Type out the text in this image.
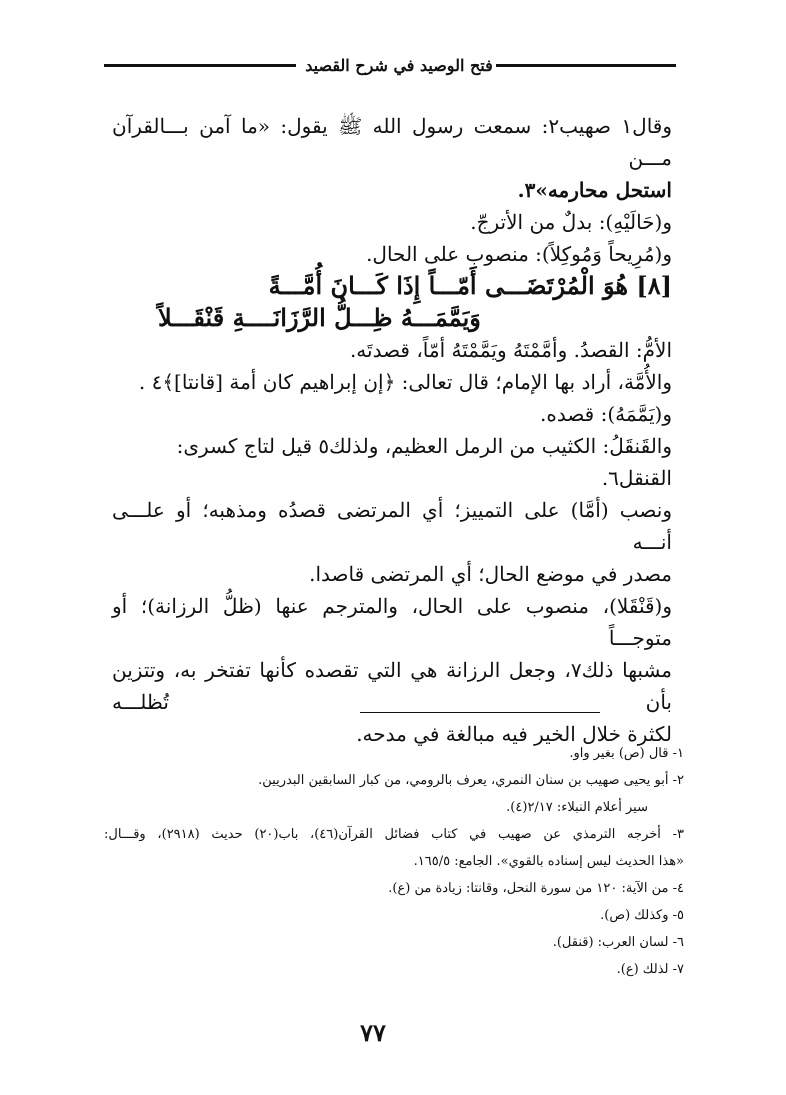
فتح الوصيد في شرح القصيد

وقال١ صهيب٢: سمعت رسول الله ﷺ يقول: «ما آمن بـــالقرآن مـــن

استحل محارمه»٣.

و(حَالَيْهِ): بدلٌ من الأترجّ.

و(مُرِيحاً وَمُوكِلاً): منصوب على الحال.

[٨] هُوَ الْمُرْتَضَـــى أَمّـــاً إِذَا كَـــانَ أُمَّـــةً

وَيَمَّمَـــهُ ظِـــلُّ الرَّزَانَــــةِ قَنْقَـــلاً

الأمُّ: القصدُ. وأمَّمْتَهُ ويَمَّمْتَهُ أمّاً، قصدتَه.

والأُمَّة، أراد بها الإمام؛ قال تعالى: ﴿إن إبراهيم كان أمة [قانتا]﴾٤ .

و(يَمَّمَهُ): قصده.

والقَنقَلُ: الكثيب من الرمل العظيم، ولذلك٥ قيل لتاج كسرى: القنقل٦.

ونصب (أمَّا) على التمييز؛ أي المرتضى قصدُه ومذهبه؛ أو علـــى أنـــه

مصدر في موضع الحال؛ أي المرتضى قاصدا.

و(قَنْقَلا)، منصوب على الحال، والمترجم عنها (ظلُّ الرزانة)؛ أو متوجـــاً

مشبها ذلك٧، وجعل الرزانة هي التي تقصده كأنها تفتخر به، وتتزين بأن تُظلـــه

لكثرة خلال الخير فيه مبالغة في مدحه.

١- قال (ص) بغير واو.

٢- أبو يحيى صهيب بن سنان النمري، يعرف بالرومي، من كبار السابقين البدريين.

سير أعلام النبلاء: ٢/١٧(٤).

٣- أخرجه الترمذي عن صهيب في كتاب فضائل القرآن(٤٦)، باب(٢٠) حديث (٢٩١٨)، وقـــال:

«هذا الحديث ليس إسناده بالقوي». الجامع: ١٦٥/٥.

٤- من الآية: ١٢٠ من سورة النحل، وقانتا: زيادة من (ع).

٥- وكذلك (ص).

٦- لسان العرب: (قنقل).

٧- لذلك (ع).

٧٧
